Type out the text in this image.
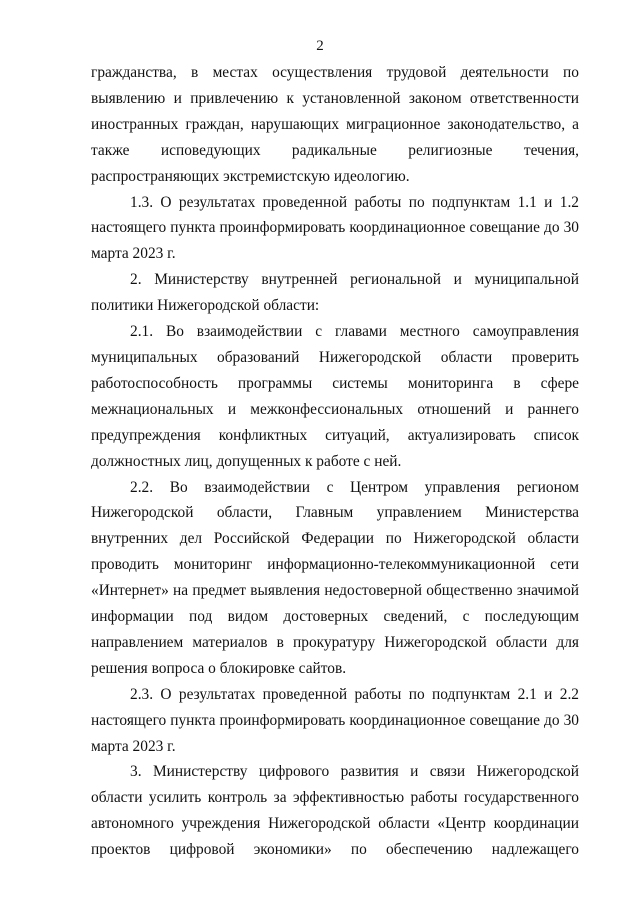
2

гражданства, в местах осуществления трудовой деятельности по выявлению и привлечению к установленной законом ответственности иностранных граждан, нарушающих миграционное законодательство, а также исповедующих радикальные религиозные течения, распространяющих экстремистскую идеологию.

1.3. О результатах проведенной работы по подпунктам 1.1 и 1.2 настоящего пункта проинформировать координационное совещание до 30 марта 2023 г.

2. Министерству внутренней региональной и муниципальной политики Нижегородской области:

2.1. Во взаимодействии с главами местного самоуправления муниципальных образований Нижегородской области проверить работоспособность программы системы мониторинга в сфере межнациональных и межконфессиональных отношений и раннего предупреждения конфликтных ситуаций, актуализировать список должностных лиц, допущенных к работе с ней.

2.2. Во взаимодействии с Центром управления регионом Нижегородской области, Главным управлением Министерства внутренних дел Российской Федерации по Нижегородской области проводить мониторинг информационно-телекоммуникационной сети «Интернет» на предмет выявления недостоверной общественно значимой информации под видом достоверных сведений, с последующим направлением материалов в прокуратуру Нижегородской области для решения вопроса о блокировке сайтов.

2.3. О результатах проведенной работы по подпунктам 2.1 и 2.2 настоящего пункта проинформировать координационное совещание до 30 марта 2023 г.

3. Министерству цифрового развития и связи Нижегородской области усилить контроль за эффективностью работы государственного автономного учреждения Нижегородской области «Центр координации проектов цифровой экономики» по обеспечению надлежащего
